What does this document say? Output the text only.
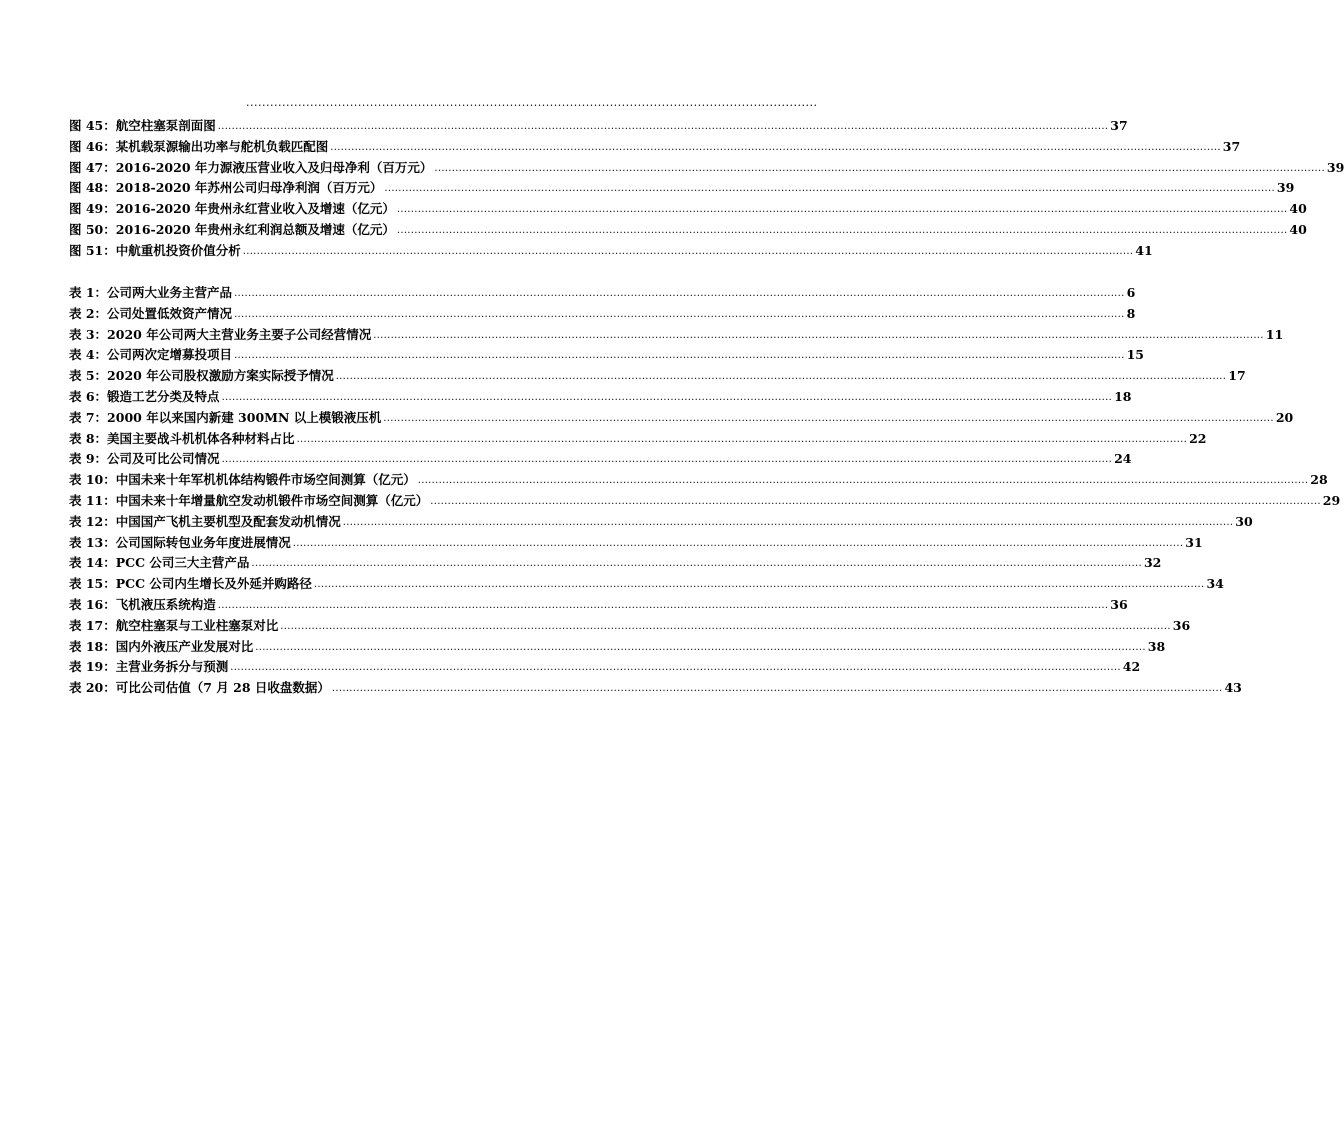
...............................................................................................................................................
图 45：航空柱塞泵剖面图 .....	37
图 46：某机载泵源输出功率与舵机负载匹配图 .....	37
图 47：2016-2020 年力源液压营业收入及归母净利（百万元） .....	39
图 48：2018-2020 年苏州公司归母净利润（百万元） .....	39
图 49：2016-2020 年贵州永红营业收入及增速（亿元） .....	40
图 50：2016-2020 年贵州永红利润总额及增速（亿元） .....	40
图 51：中航重机投资价值分析 .....	41
表 1：公司两大业务主营产品 .....	6
表 2：公司处置低效资产情况 .....	8
表 3：2020 年公司两大主营业务主要子公司经营情况 .....	11
表 4：公司两次定增募投项目 .....	15
表 5：2020 年公司股权激励方案实际授予情况 .....	17
表 6：锻造工艺分类及特点 .....	18
表 7：2000 年以来国内新建 300MN 以上模锻液压机 .....	20
表 8：美国主要战斗机机体各种材料占比 .....	22
表 9：公司及可比公司情况 .....	24
表 10：中国未来十年军机机体结构锻件市场空间测算（亿元） .....	28
表 11：中国未来十年增量航空发动机锻件市场空间测算（亿元） .....	29
表 12：中国国产飞机主要机型及配套发动机情况 .....	30
表 13：公司国际转包业务年度进展情况 .....	31
表 14：PCC 公司三大主营产品 .....	32
表 15：PCC 公司内生增长及外延并购路径 .....	34
表 16：飞机液压系统构造 .....	36
表 17：航空柱塞泵与工业柱塞泵对比 .....	36
表 18：国内外液压产业发展对比 .....	38
表 19：主营业务拆分与预测 .....	42
表 20：可比公司估值（7 月 28 日收盘数据） .....	43
